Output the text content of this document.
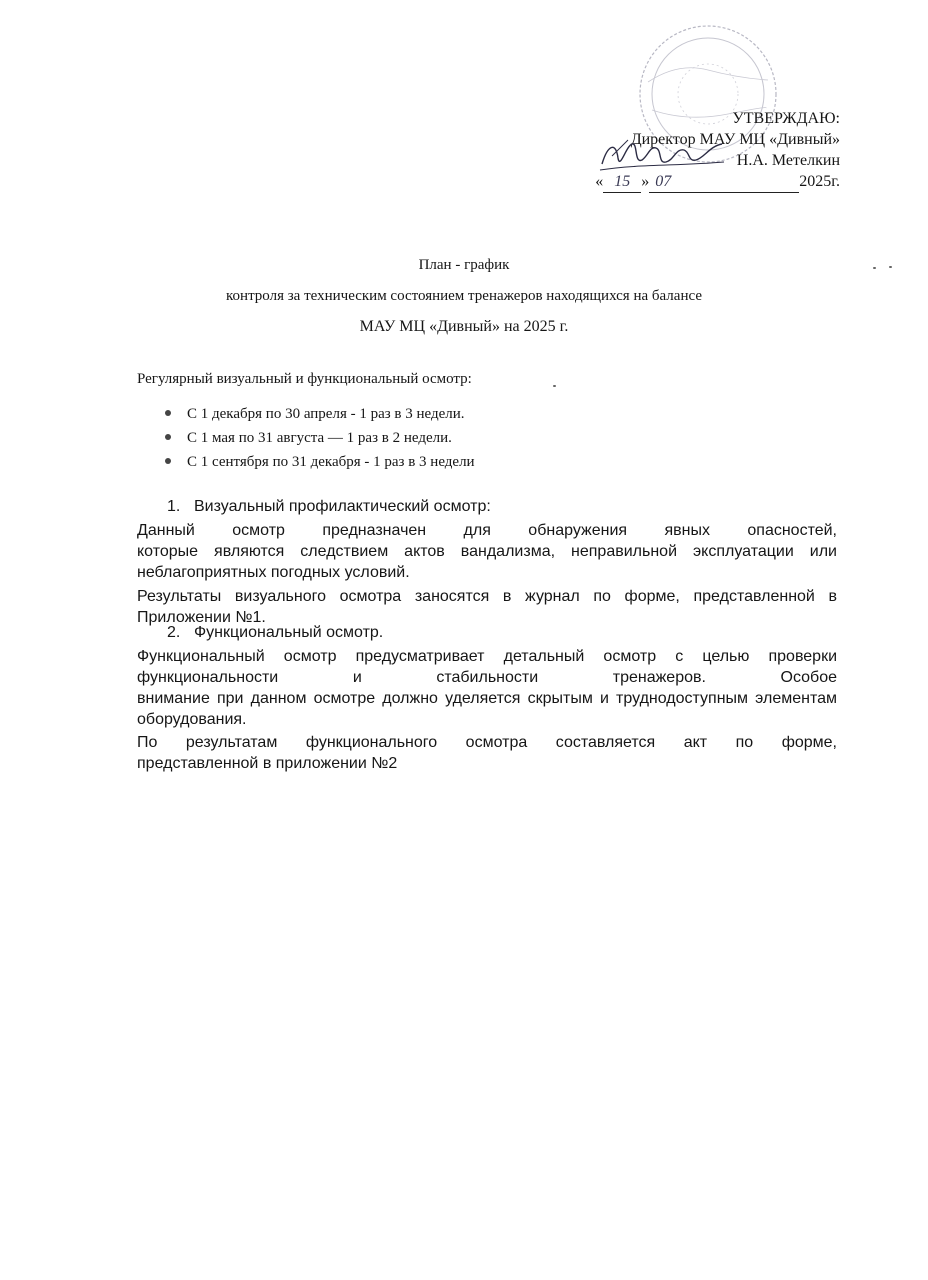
УТВЕРЖДАЮ:
Директор МАУ МЦ «Дивный»
Н.А. Метелкин
« 15 » 07	2025г.
План - график
контроля за техническим состоянием тренажеров находящихся на балансе
МАУ МЦ «Дивный» на 2025 г.
Регулярный визуальный и функциональный осмотр:
С 1 декабря по 30 апреля - 1 раз в 3 недели.
С 1 мая по 31 августа — 1 раз в 2 недели.
С 1 сентября по 31 декабря - 1 раз в 3 недели
1. Визуальный профилактический осмотр:
Данный осмотр предназначен для обнаружения явных опасностей,
которые являются следствием актов вандализма, неправильной эксплуатации или
неблагоприятных погодных условий.
Результаты визуального осмотра заносятся в журнал по форме, представленной в
Приложении №1.
2. Функциональный осмотр.
Функциональный осмотр предусматривает детальный осмотр с целью проверки
функциональности	и	стабильности	тренажеров.	Особое
внимание при данном осмотре должно уделяется скрытым и труднодоступным элементам
оборудования.
По результатам функционального осмотра составляется акт по форме,
представленной в приложении №2
